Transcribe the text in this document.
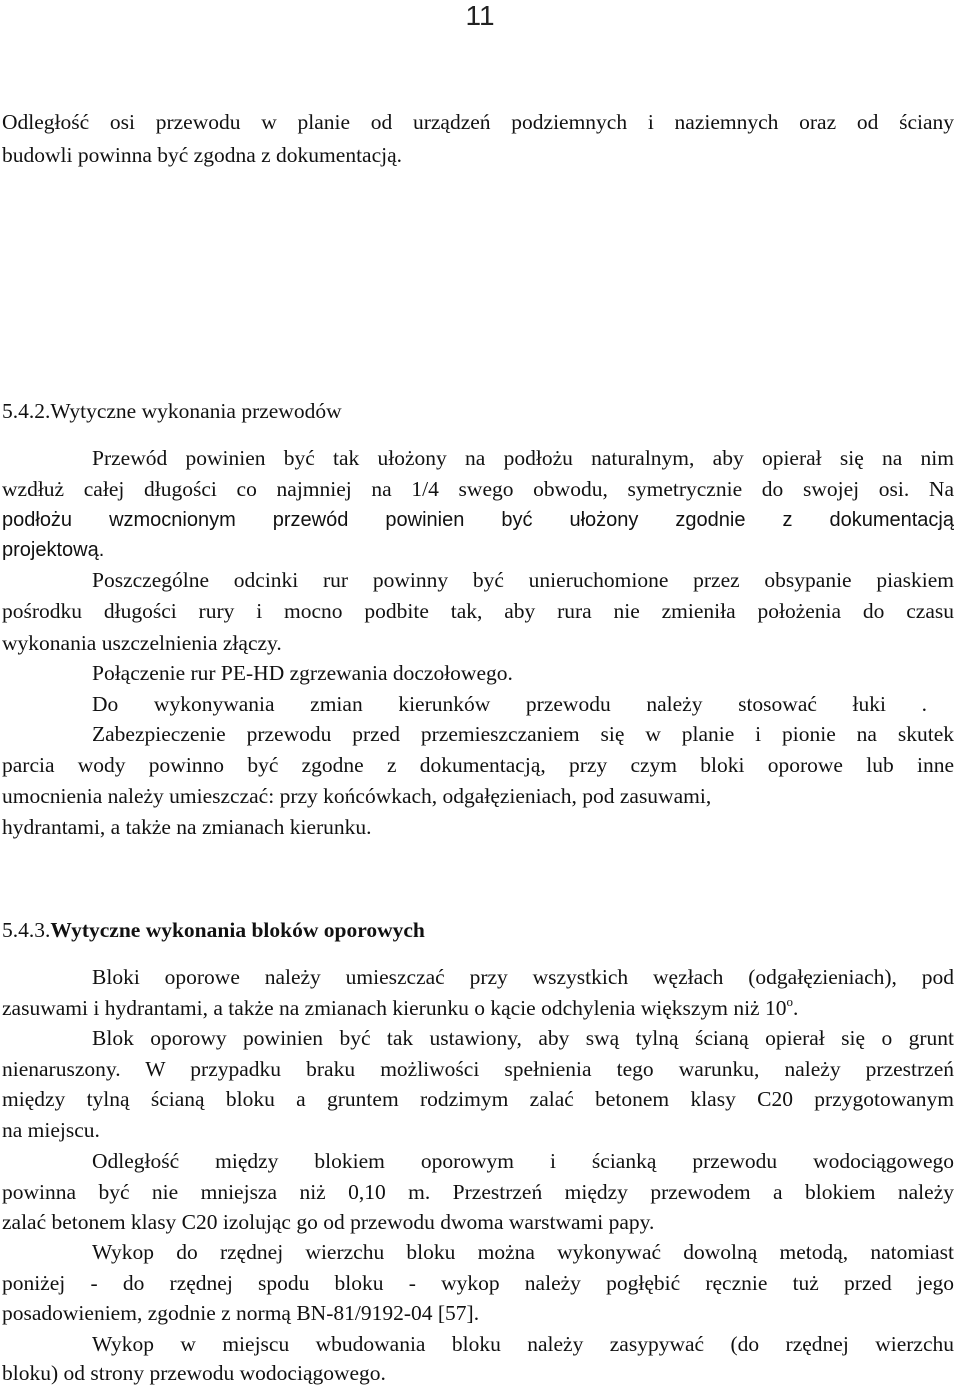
11
Odległość osi przewodu w planie od urządzeń podziemnych i naziemnych oraz od ściany
budowli powinna być zgodna z dokumentacją.
5.4.2.Wytyczne wykonania przewodów
Przewód powinien być tak ułożony na podłożu naturalnym, aby opierał się na nim
wzdłuż całej długości co najmniej na 1/4 swego obwodu, symetrycznie do swojej osi. Na
podłożu wzmocnionym przewód powinien być ułożony zgodnie z dokumentacją
projektową.
Poszczególne odcinki rur powinny być unieruchomione przez obsypanie piaskiem
pośrodku długości rury i mocno podbite tak, aby rura nie zmieniła położenia do czasu
wykonania uszczelnienia złączy.
Połączenie rur PE-HD zgrzewania doczołowego.
Do wykonywania zmian kierunków przewodu należy stosować łuki .
Zabezpieczenie przewodu przed przemieszczaniem się w planie i pionie na skutek
parcia wody powinno być zgodne z dokumentacją, przy czym bloki oporowe lub inne
umocnienia należy umieszczać: przy końcówkach, odgałęzieniach, pod zasuwami,
hydrantami, a także na zmianach kierunku.
5.4.3.Wytyczne wykonania bloków oporowych
Bloki oporowe należy umieszczać przy wszystkich węzłach (odgałęzieniach), pod
zasuwami i hydrantami, a także na zmianach kierunku o kącie odchylenia większym niż 10$^o$.
Blok oporowy powinien być tak ustawiony, aby swą tylną ścianą opierał się o grunt
nienaruszony. W przypadku braku możliwości spełnienia tego warunku, należy przestrzeń
między tylną ścianą bloku a gruntem rodzimym zalać betonem klasy C20 przygotowanym
na miejscu.
Odległość między blokiem oporowym i ścianką przewodu wodociągowego
powinna być nie mniejsza niż 0,10 m. Przestrzeń między przewodem a blokiem należy
zalać betonem klasy C20 izolując go od przewodu dwoma warstwami papy.
Wykop do rzędnej wierzchu bloku można wykonywać dowolną metodą, natomiast
poniżej - do rzędnej spodu bloku - wykop należy pogłębić ręcznie tuż przed jego
posadowieniem, zgodnie z normą BN-81/9192-04 [57].
Wykop w miejscu wbudowania bloku należy zasypywać (do rzędnej wierzchu
bloku) od strony przewodu wodociągowego.
